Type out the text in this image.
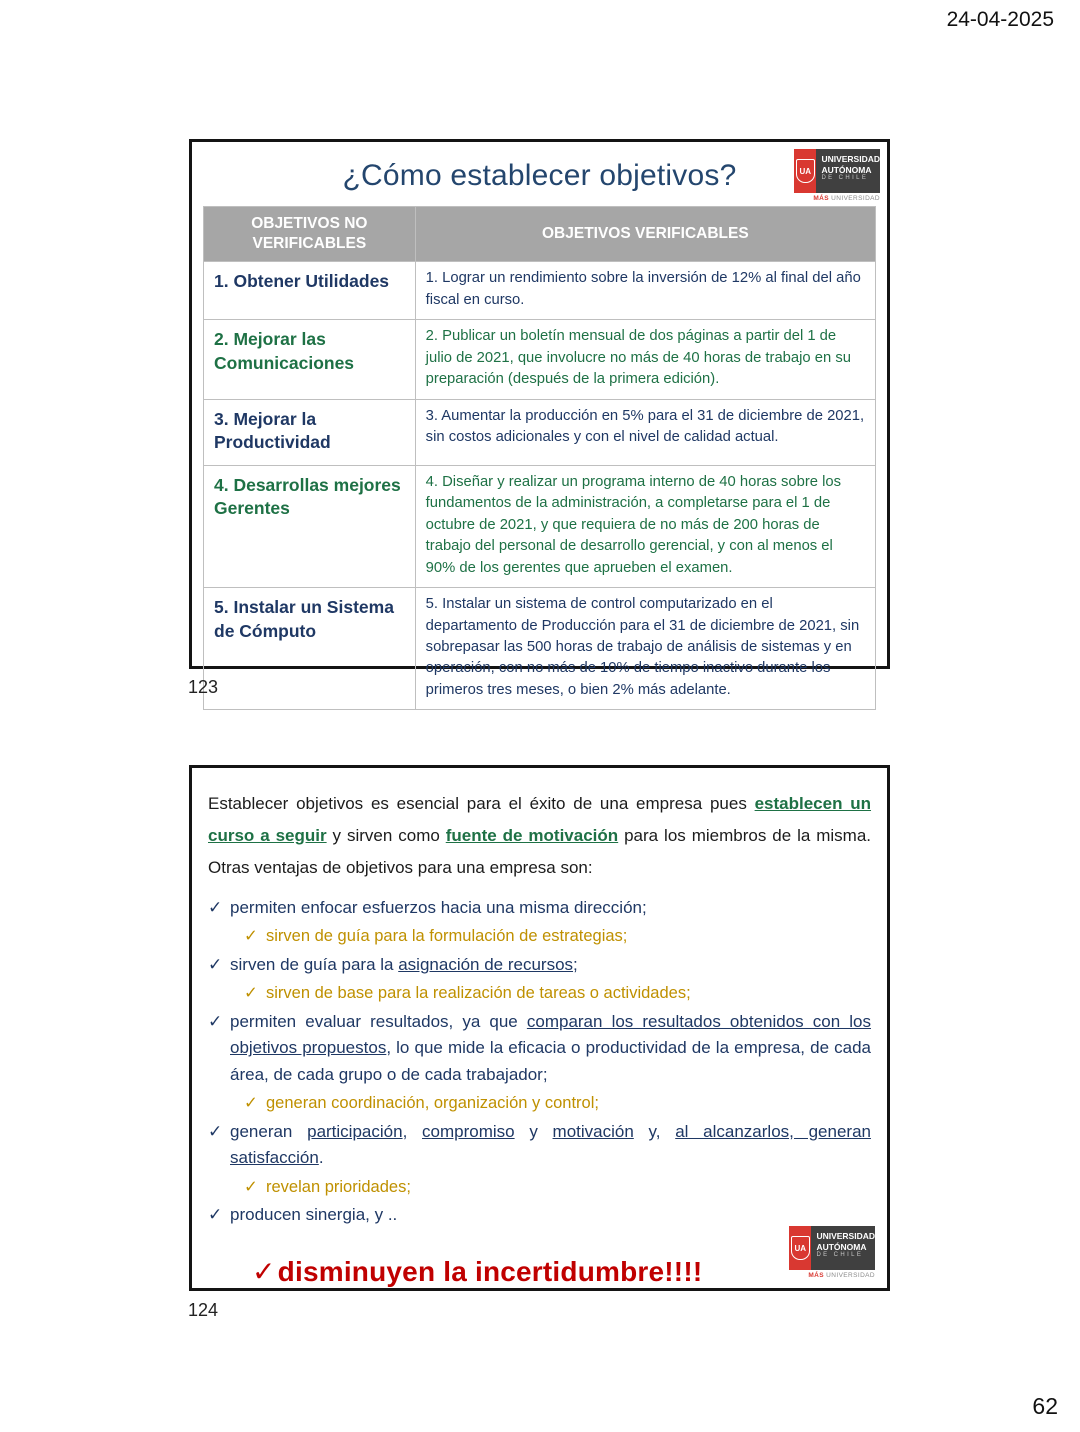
24-04-2025
62
¿Cómo establecer objetivos?	UA
UNIVERSIDAD
AUTÓNOMA
DE CHILE
MÁS UNIVERSIDAD
OBJETIVOS NO VERIFICABLES	OBJETIVOS VERIFICABLES
1. Obtener Utilidades	1. Lograr un rendimiento sobre la inversión de 12% al final del año fiscal en curso.
2. Mejorar las Comunicaciones	2. Publicar un boletín mensual de dos páginas a partir del 1 de julio de 2021, que involucre no más de 40 horas de trabajo en su preparación (después de la primera edición).
3. Mejorar la Productividad	3. Aumentar la producción en 5% para el 31 de diciembre de 2021, sin costos adicionales y con el nivel de calidad actual.
4. Desarrollas mejores Gerentes	4. Diseñar y realizar un programa interno de 40 horas sobre los fundamentos de la administración, a completarse para el 1 de octubre de 2021, y que requiera de no más de 200 horas de trabajo del personal de desarrollo gerencial, y con al menos el 90% de los gerentes que aprueben el examen.
5. Instalar un Sistema de Cómputo	5. Instalar un sistema de control computarizado en el departamento de Producción para el 31 de diciembre de 2021, sin sobrepasar las 500 horas de trabajo de análisis de sistemas y en operación, con no más de 10% de tiempo inactivo durante los primeros tres meses, o bien 2% más adelante.
123
Establecer objetivos es esencial para el éxito de una empresa pues establecen un curso a seguir y sirven como fuente de motivación para los miembros de la misma. Otras ventajas de objetivos para una empresa son:
✓ permiten enfocar esfuerzos hacia una misma dirección;
✓ sirven de guía para la formulación de estrategias;
✓ sirven de guía para la asignación de recursos;
✓ sirven de base para la realización de tareas o actividades;
✓ permiten evaluar resultados, ya que comparan los resultados obtenidos con los objetivos propuestos, lo que mide la eficacia o productividad de la empresa, de cada área, de cada grupo o de cada trabajador;
✓ generan coordinación, organización y control;
✓ generan participación, compromiso y motivación y, al alcanzarlos, generan satisfacción.
✓ revelan prioridades;
✓ producen sinergia, y ..
✓disminuyen la incertidumbre!!!!
UA
UNIVERSIDAD
AUTÓNOMA
DE CHILE
MÁS UNIVERSIDAD
124
